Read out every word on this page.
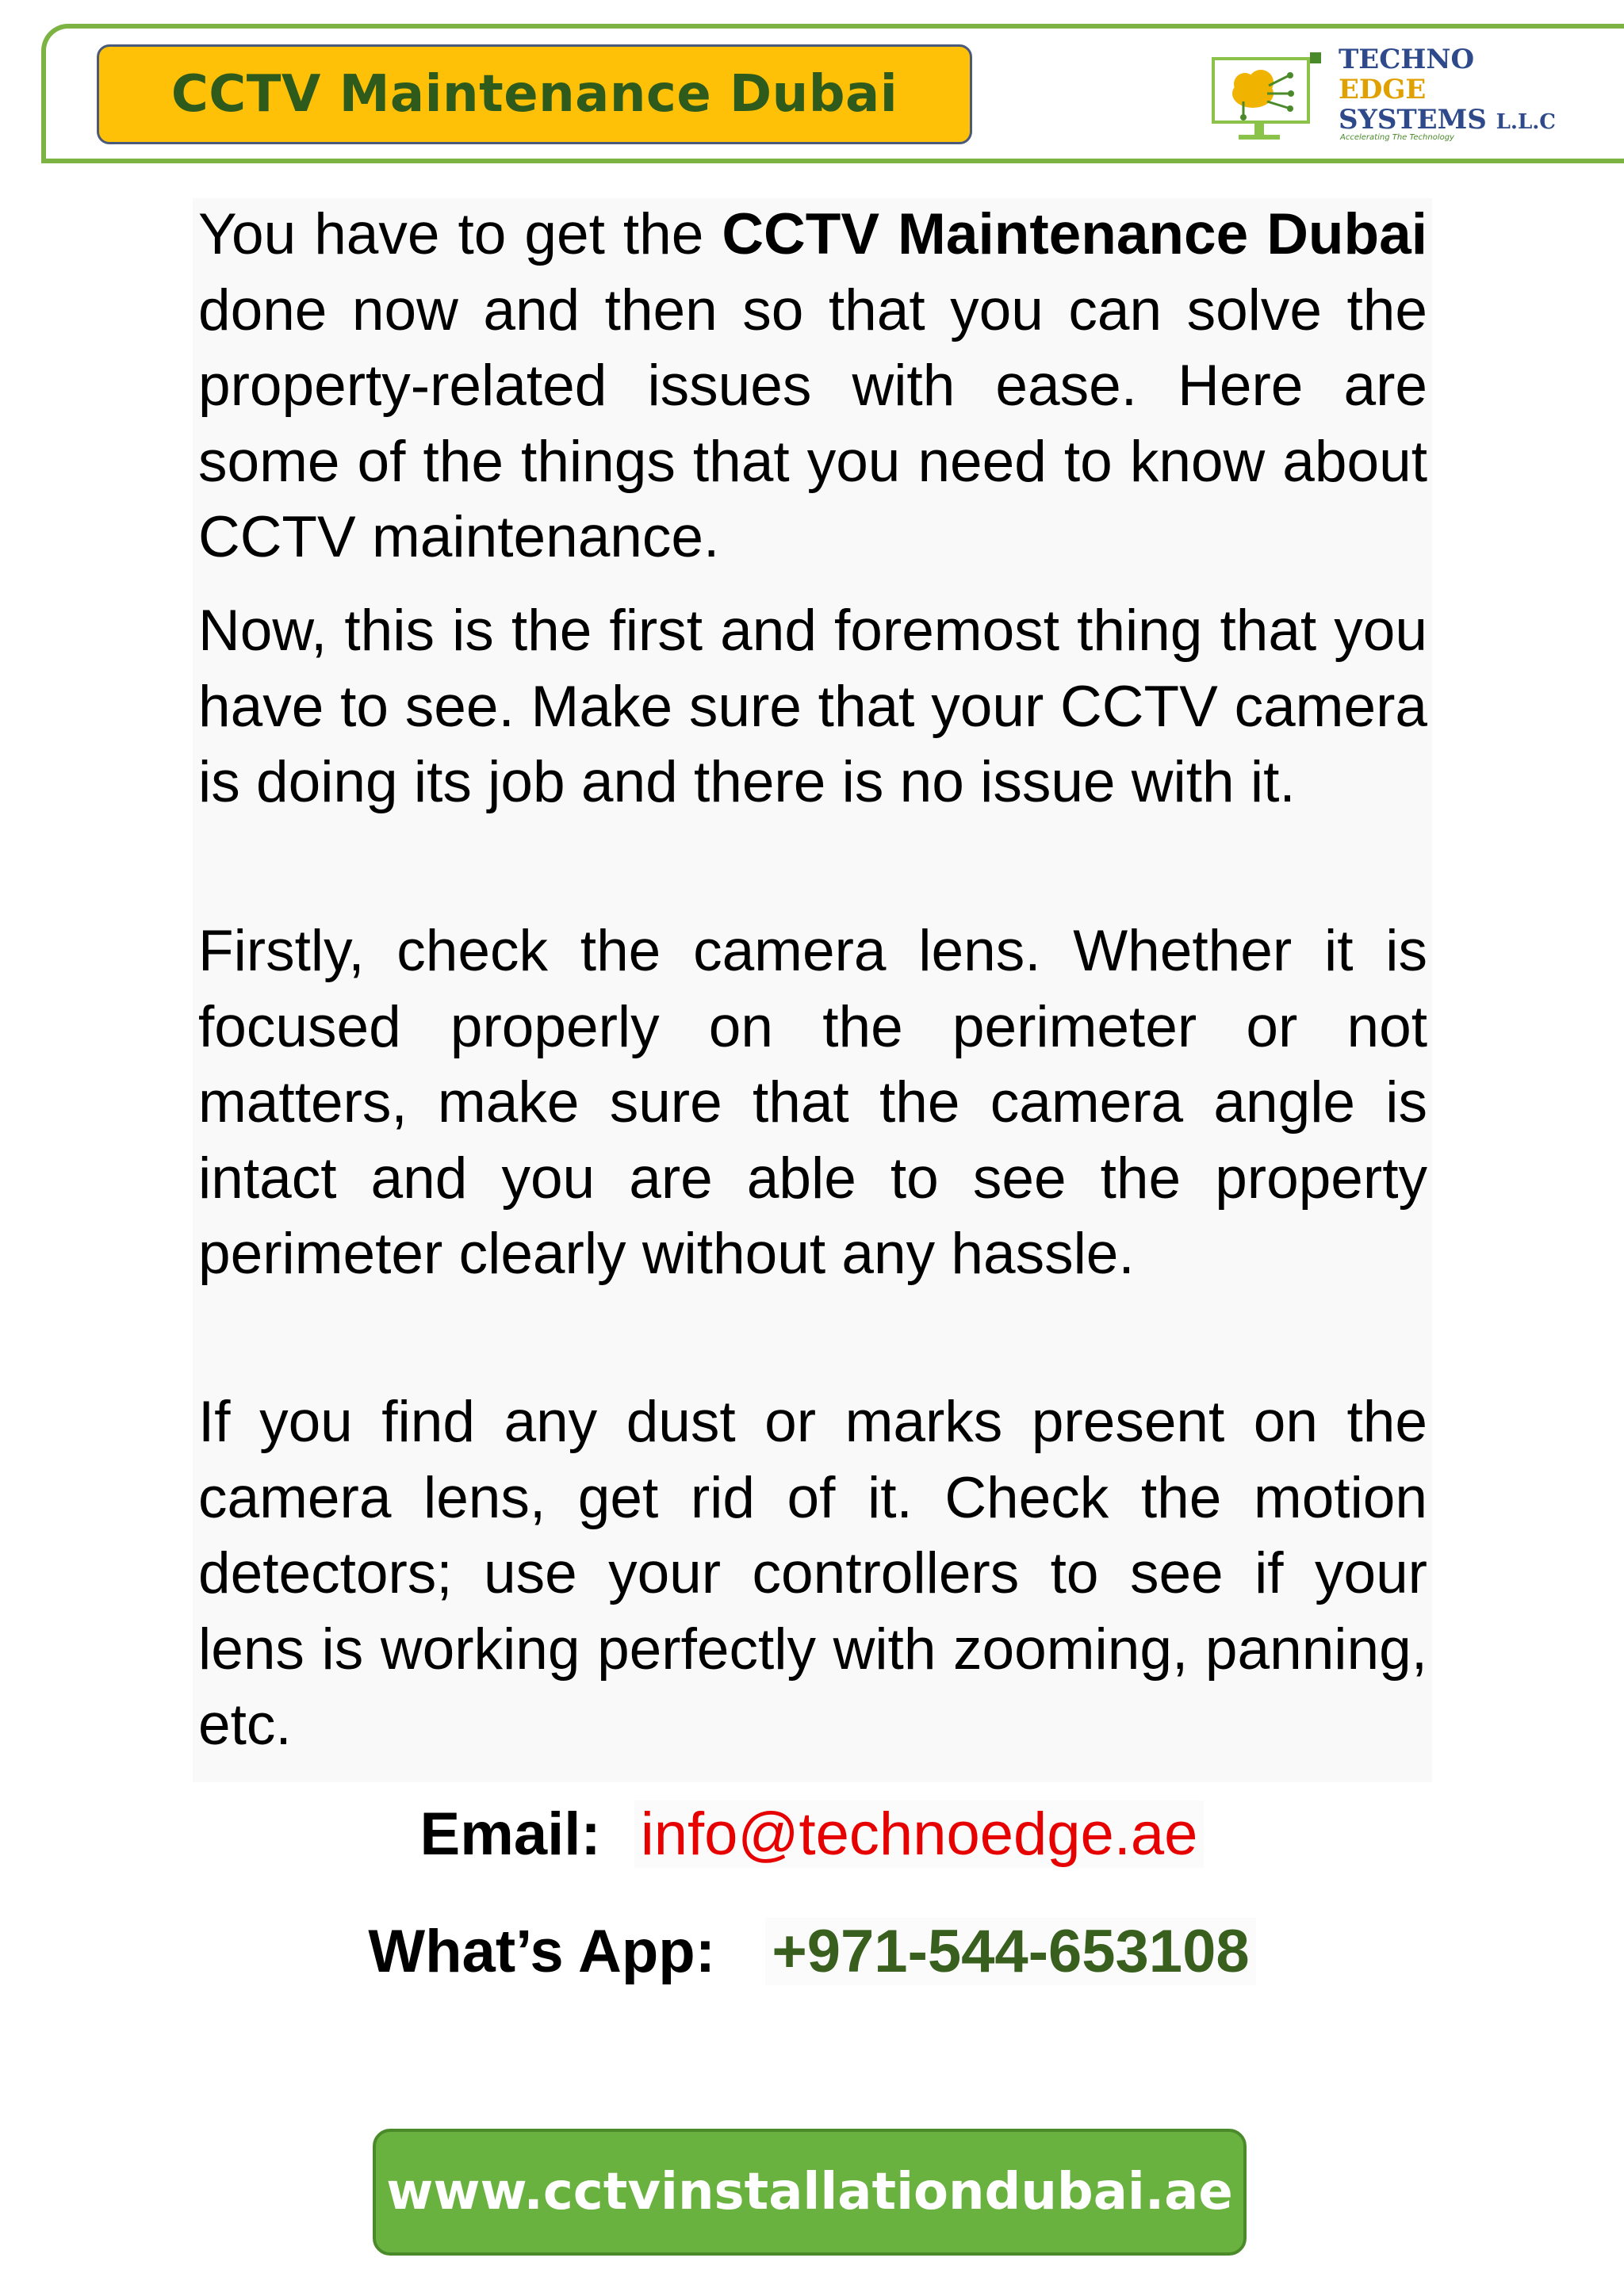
CCTV Maintenance Dubai
TECHNO
EDGE
SYSTEMS L.L.C
Accelerating The Technology
You have to get the CCTV Maintenance Dubai done now and then so that you can solve the property-related issues with ease. Here are some of the things that you need to know about CCTV maintenance.
Now, this is the first and foremost thing that you have to see. Make sure that your CCTV camera is doing its job and there is no issue with it.
Firstly, check the camera lens. Whether it is focused properly on the perimeter or not matters, make sure that the camera angle is intact and you are able to see the property perimeter clearly without any hassle.
If you find any dust or marks present on the camera lens, get rid of it. Check the motion detectors; use your controllers to see if your lens is working perfectly with zooming, panning, etc.
Email: info@technoedge.ae
What’s App: +971-544-653108
www.cctvinstallationdubai.ae
